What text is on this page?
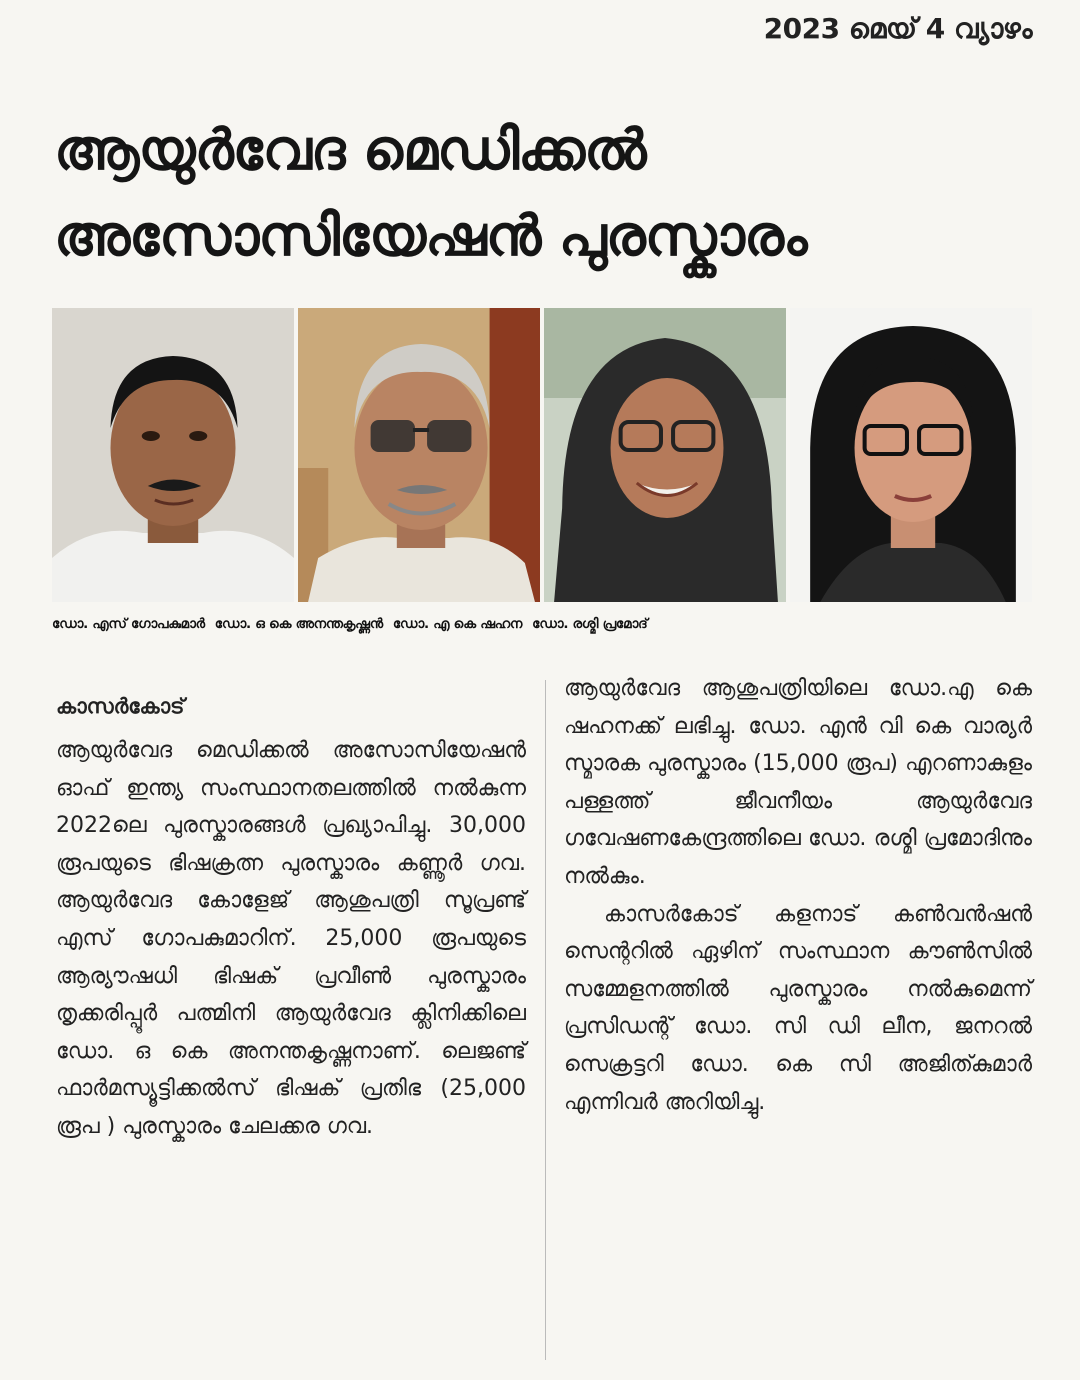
2023 മെയ് 4 വ്യാഴം
ആയുർവേദ മെഡിക്കൽ
അസോസിയേഷൻ പുരസ്കാരം
ഡോ. എസ് ഗോപകുമാർ ഡോ. ഒ കെ അനന്തകൃഷ്ണൻ ഡോ. എ കെ ഷഹന ഡോ. രശ്മി പ്രമോദ്
കാസർകോട്

ആയുർവേദ മെഡിക്കൽ അസോസിയേഷൻ ഓഫ് ഇന്ത്യ സംസ്ഥാനതലത്തിൽ നൽകുന്ന 2022ലെ പുരസ്കാരങ്ങൾ പ്രഖ്യാപിച്ചു. 30,000 രൂപയുടെ ഭിഷക്രത്ന പുരസ്കാരം കണ്ണൂർ ഗവ. ആയുർവേദ കോളേജ് ആശുപത്രി സൂപ്രണ്ട് എസ് ഗോപകുമാറിന്. 25,000 രൂപയുടെ ആര്യൗഷധി ഭിഷക് പ്രവീൺ പുരസ്കാരം തൃക്കരിപ്പൂർ പത്മിനി ആയുർവേദ ക്ലിനിക്കിലെ ഡോ. ഒ കെ അനന്തകൃഷ്ണനാണ്. ലെജണ്ട് ഫാർമസ്യൂട്ടിക്കൽസ് ഭിഷക് പ്രതിഭ (25,000 രൂപ ) പുരസ്കാരം ചേലക്കര ഗവ.

ആയുർവേദ ആശുപത്രിയിലെ ഡോ.എ കെ ഷഹനക്ക് ലഭിച്ചു. ഡോ. എൻ വി കെ വാര്യർ സ്മാരക പുരസ്കാരം (15,000 രൂപ) എറണാകുളം പള്ളത്ത് ജീവനീയം ആയുർവേദ ഗവേഷണകേന്ദ്രത്തിലെ ഡോ. രശ്മി പ്രമോദിനും നൽകും.

കാസർകോട് കളനാട് കൺവൻഷൻ സെന്ററിൽ ഏഴിന് സംസ്ഥാന കൗൺസിൽ സമ്മേളനത്തിൽ പുരസ്കാരം നൽകുമെന്ന് പ്രസിഡന്റ് ഡോ. സി ഡി ലീന, ജനറൽ സെക്രട്ടറി ഡോ. കെ സി അജിത്കുമാർ എന്നിവർ അറിയിച്ചു.
